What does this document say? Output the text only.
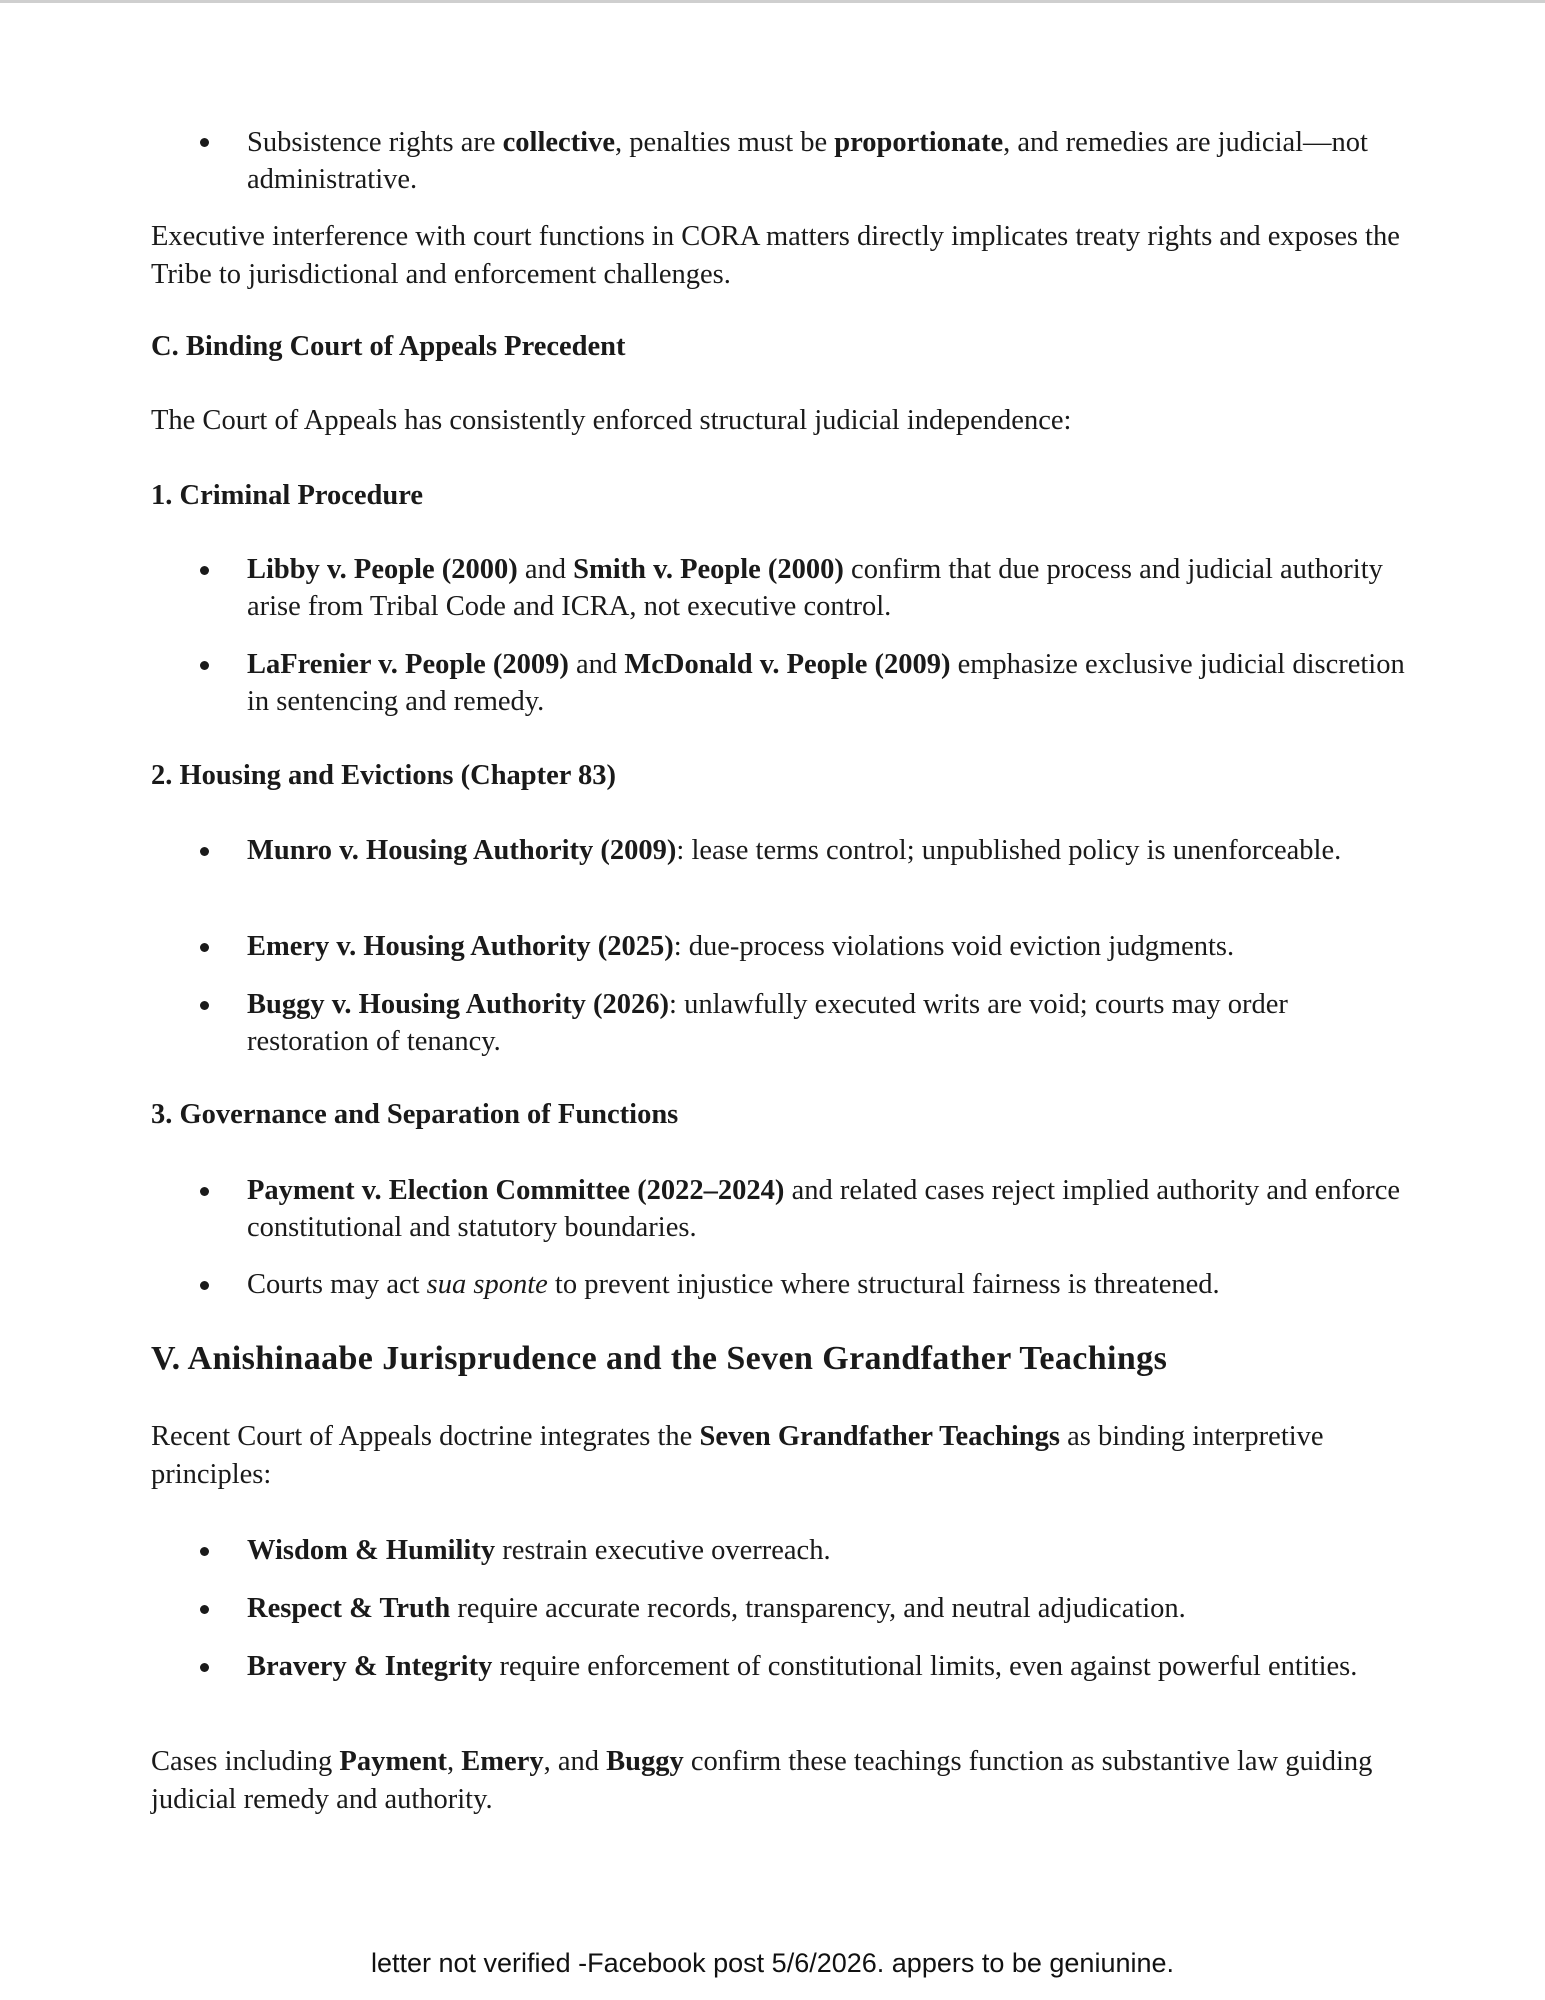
Subsistence rights are collective, penalties must be proportionate, and remedies are judicial—not administrative.
Executive interference with court functions in CORA matters directly implicates treaty rights and exposes the Tribe to jurisdictional and enforcement challenges.
C. Binding Court of Appeals Precedent
The Court of Appeals has consistently enforced structural judicial independence:
1. Criminal Procedure
Libby v. People (2000) and Smith v. People (2000) confirm that due process and judicial authority arise from Tribal Code and ICRA, not executive control.
LaFrenier v. People (2009) and McDonald v. People (2009) emphasize exclusive judicial discretion in sentencing and remedy.
2. Housing and Evictions (Chapter 83)
Munro v. Housing Authority (2009): lease terms control; unpublished policy is unenforceable.
Emery v. Housing Authority (2025): due-process violations void eviction judgments.
Buggy v. Housing Authority (2026): unlawfully executed writs are void; courts may order restoration of tenancy.
3. Governance and Separation of Functions
Payment v. Election Committee (2022–2024) and related cases reject implied authority and enforce constitutional and statutory boundaries.
Courts may act sua sponte to prevent injustice where structural fairness is threatened.
V. Anishinaabe Jurisprudence and the Seven Grandfather Teachings
Recent Court of Appeals doctrine integrates the Seven Grandfather Teachings as binding interpretive principles:
Wisdom & Humility restrain executive overreach.
Respect & Truth require accurate records, transparency, and neutral adjudication.
Bravery & Integrity require enforcement of constitutional limits, even against powerful entities.
Cases including Payment, Emery, and Buggy confirm these teachings function as substantive law guiding judicial remedy and authority.
letter not verified -Facebook post 5/6/2026. appers to be geniunine.
